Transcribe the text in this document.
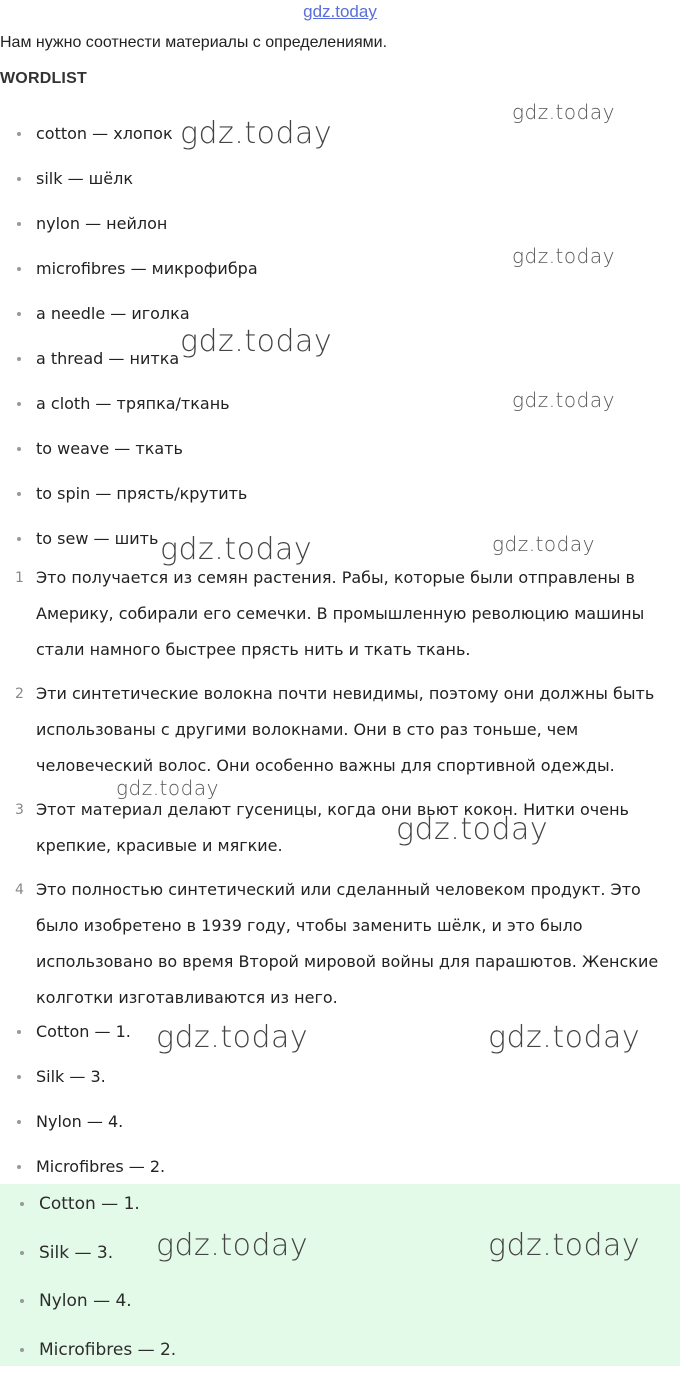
gdz.today
Нам нужно соотнести материалы с определениями.
WORDLIST
cotton — хлопок
silk — шёлк
nylon — нейлон
microfibres — микрофибра
a needle — иголка
a thread — нитка
a cloth — тряпка/ткань
to weave — ткать
to spin — прясть/крутить
to sew — шить
1 Это получается из семян растения. Рабы, которые были отправлены в Америку, собирали его семечки. В промышленную революцию машины стали намного быстрее прясть нить и ткать ткань.
2 Эти синтетические волокна почти невидимы, поэтому они должны быть использованы с другими волокнами. Они в сто раз тоньше, чем человеческий волос. Они особенно важны для спортивной одежды.
3 Этот материал делают гусеницы, когда они вьют кокон. Нитки очень крепкие, красивые и мягкие.
4 Это полностью синтетический или сделанный человеком продукт. Это было изобретено в 1939 году, чтобы заменить шёлк, и это было использовано во время Второй мировой войны для парашютов. Женские колготки изготавливаются из него.
Cotton — 1.
Silk — 3.
Nylon — 4.
Microfibres — 2.
Cotton — 1.
Silk — 3.
Nylon — 4.
Microfibres — 2.
gdz.today
gdz.today
gdz.today
gdz.today
gdz.today
gdz.today	gdz.today
gdz.today
gdz.today
gdz.today	gdz.today
gdz.today	gdz.today
